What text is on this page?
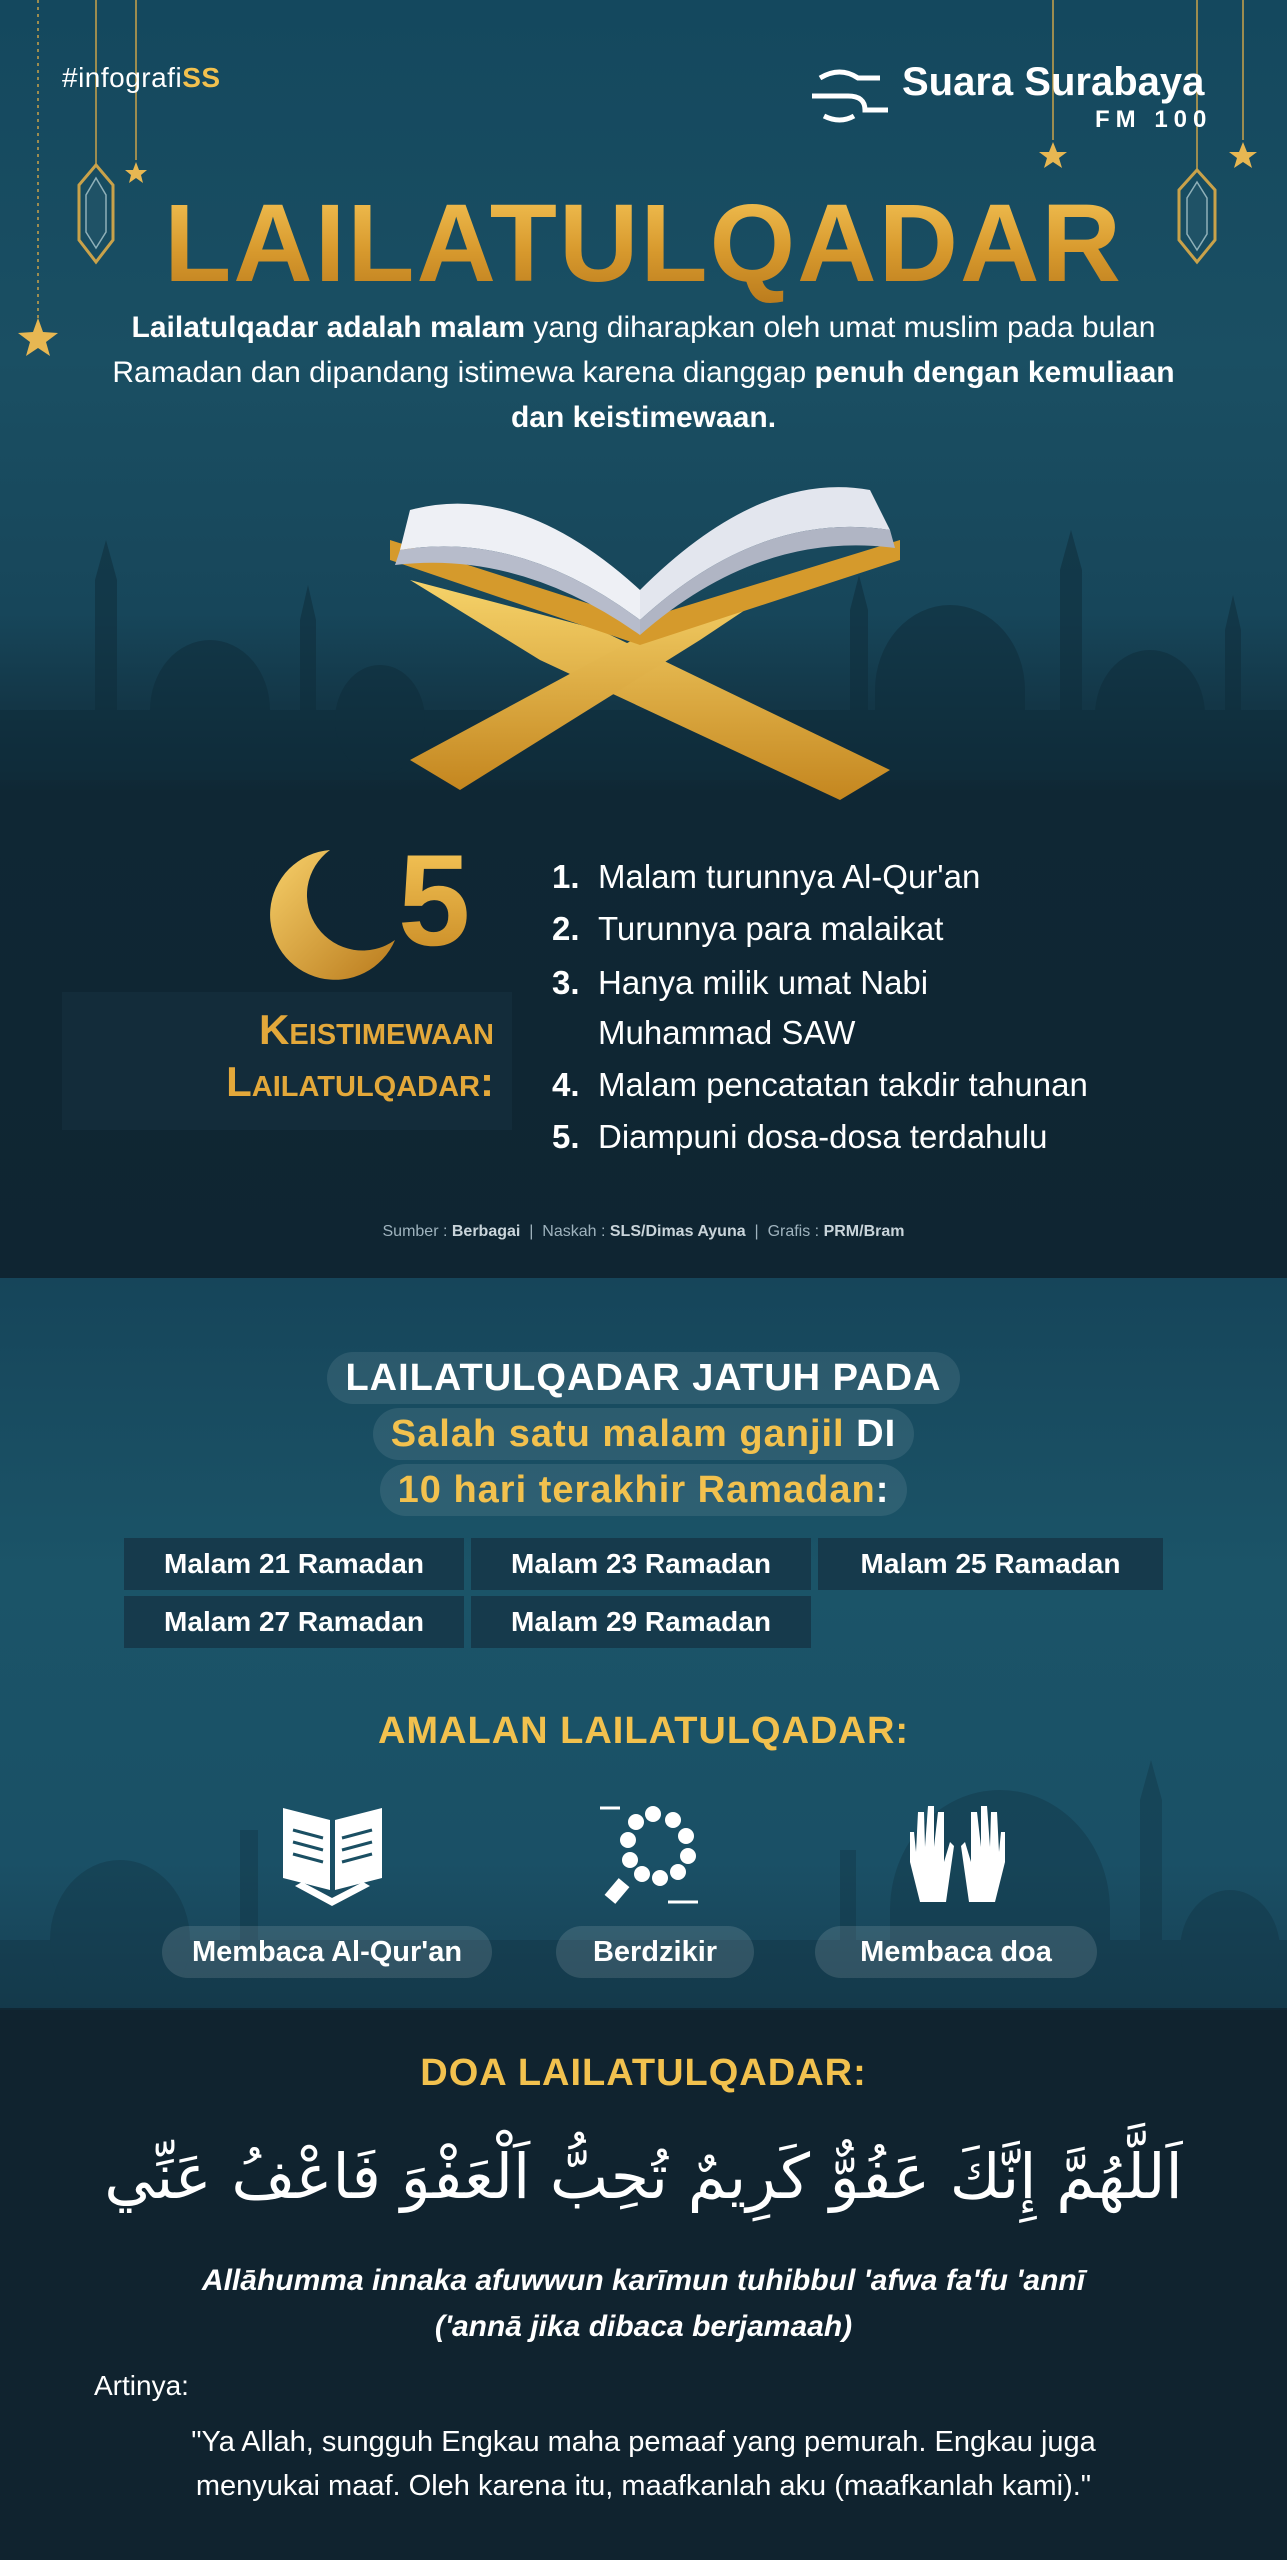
#infografiSS	Suara Surabaya
FM 100
LAILATULQADAR
Lailatulqadar adalah malam yang diharapkan oleh umat muslim pada bulan Ramadan dan dipandang istimewa karena dianggap penuh dengan kemuliaan dan keistimewaan.
5
Keistimewaan
Lailatulqadar:
1. Malam turunnya Al-Qur'an
2. Turunnya para malaikat
3. Hanya milik umat Nabi
Muhammad SAW
4. Malam pencatatan takdir tahunan
5. Diampuni dosa-dosa terdahulu
Sumber : Berbagai | Naskah : SLS/Dimas Ayuna | Grafis : PRM/Bram
LAILATULQADAR JATUH PADA
Salah satu malam ganjil DI
10 hari terakhir Ramadan:
Malam 21 Ramadan	Malam 23 Ramadan	Malam 25 Ramadan
Malam 27 Ramadan	Malam 29 Ramadan
AMALAN LAILATULQADAR:
Membaca Al-Qur'an	Berdzikir	Membaca doa
DOA LAILATULQADAR:
اَللَّهُمَّ إِنَّكَ عَفُوٌّ كَرِيمٌ تُحِبُّ اَلْعَفْوَ فَاعْفُ عَنِّي
Allāhumma innaka afuwwun karīmun tuhibbul 'afwa fa'fu 'annī
('annā jika dibaca berjamaah)
Artinya:
"Ya Allah, sungguh Engkau maha pemaaf yang pemurah. Engkau juga
menyukai maaf. Oleh karena itu, maafkanlah aku (maafkanlah kami)."
